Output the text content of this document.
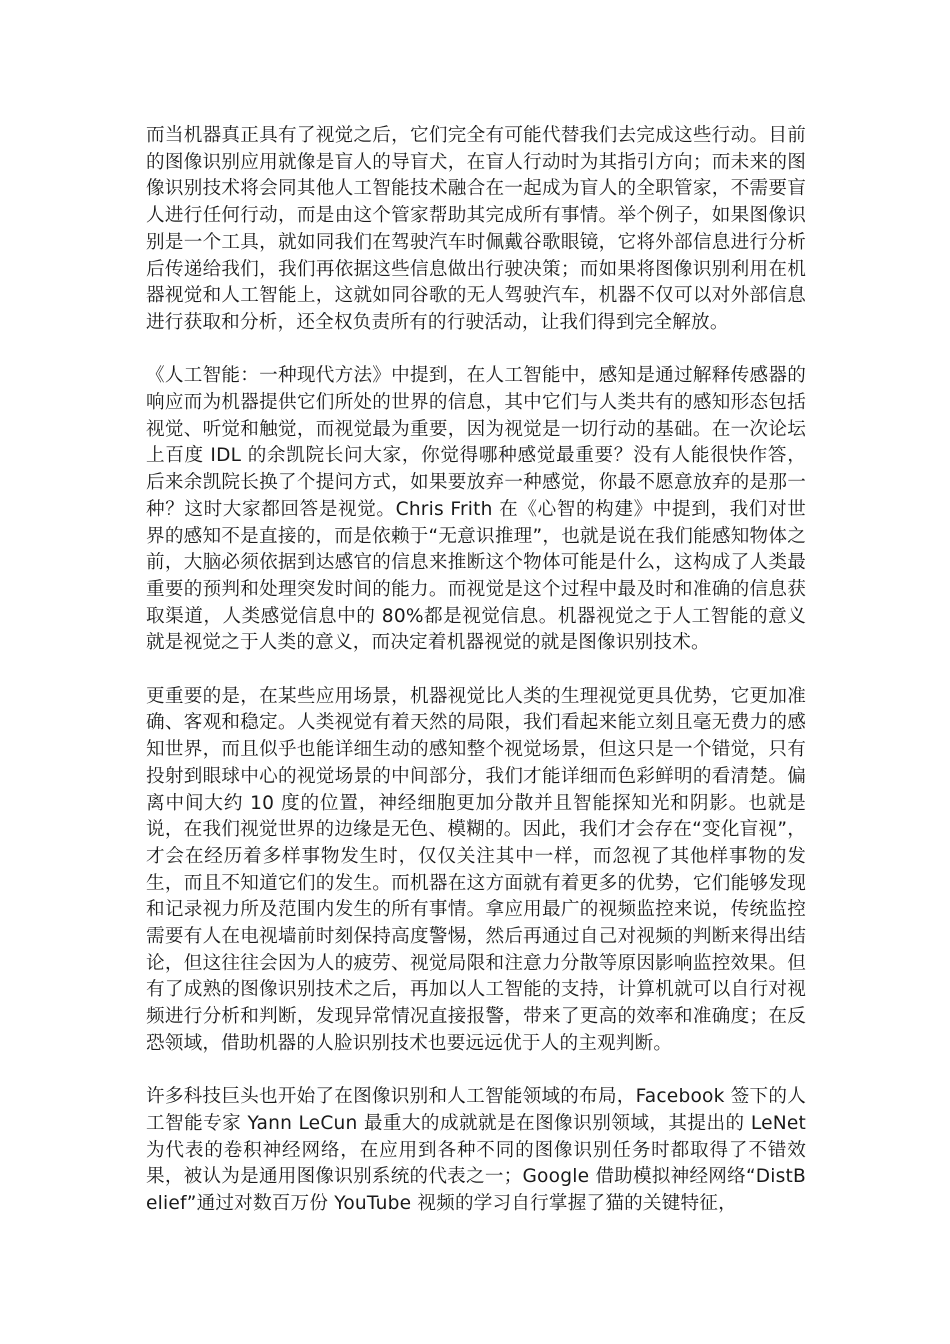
而当机器真正具有了视觉之后，它们完全有可能代替我们去完成这些行动。目前的图像识别应用就像是盲人的导盲犬，在盲人行动时为其指引方向；而未来的图像识别技术将会同其他人工智能技术融合在一起成为盲人的全职管家，不需要盲人进行任何行动，而是由这个管家帮助其完成所有事情。举个例子，如果图像识别是一个工具，就如同我们在驾驶汽车时佩戴谷歌眼镜，它将外部信息进行分析后传递给我们，我们再依据这些信息做出行驶决策；而如果将图像识别利用在机器视觉和人工智能上，这就如同谷歌的无人驾驶汽车，机器不仅可以对外部信息进行获取和分析，还全权负责所有的行驶活动，让我们得到完全解放。

《人工智能：一种现代方法》中提到，在人工智能中，感知是通过解释传感器的响应而为机器提供它们所处的世界的信息，其中它们与人类共有的感知形态包括视觉、听觉和触觉，而视觉最为重要，因为视觉是一切行动的基础。在一次论坛上百度 IDL 的余凯院长问大家，你觉得哪种感觉最重要？没有人能很快作答，后来余凯院长换了个提问方式，如果要放弃一种感觉，你最不愿意放弃的是那一种？这时大家都回答是视觉。Chris Frith 在《心智的构建》中提到，我们对世界的感知不是直接的，而是依赖于“无意识推理”，也就是说在我们能感知物体之前，大脑必须依据到达感官的信息来推断这个物体可能是什么，这构成了人类最重要的预判和处理突发时间的能力。而视觉是这个过程中最及时和准确的信息获取渠道，人类感觉信息中的 80%都是视觉信息。机器视觉之于人工智能的意义就是视觉之于人类的意义，而决定着机器视觉的就是图像识别技术。

更重要的是，在某些应用场景，机器视觉比人类的生理视觉更具优势，它更加准确、客观和稳定。人类视觉有着天然的局限，我们看起来能立刻且毫无费力的感知世界，而且似乎也能详细生动的感知整个视觉场景，但这只是一个错觉，只有投射到眼球中心的视觉场景的中间部分，我们才能详细而色彩鲜明的看清楚。偏离中间大约 10 度的位置，神经细胞更加分散并且智能探知光和阴影。也就是说，在我们视觉世界的边缘是无色、模糊的。因此，我们才会存在“变化盲视”，才会在经历着多样事物发生时，仅仅关注其中一样，而忽视了其他样事物的发生，而且不知道它们的发生。而机器在这方面就有着更多的优势，它们能够发现和记录视力所及范围内发生的所有事情。拿应用最广的视频监控来说，传统监控需要有人在电视墙前时刻保持高度警惕，然后再通过自己对视频的判断来得出结论，但这往往会因为人的疲劳、视觉局限和注意力分散等原因影响监控效果。但有了成熟的图像识别技术之后，再加以人工智能的支持，计算机就可以自行对视频进行分析和判断，发现异常情况直接报警，带来了更高的效率和准确度；在反恐领域，借助机器的人脸识别技术也要远远优于人的主观判断。

许多科技巨头也开始了在图像识别和人工智能领域的布局，Facebook 签下的人工智能专家 Yann LeCun 最重大的成就就是在图像识别领域，其提出的 LeNet为代表的卷积神经网络，在应用到各种不同的图像识别任务时都取得了不错效果，被认为是通用图像识别系统的代表之一；Google 借助模拟神经网络“DistBelief”通过对数百万份 YouTube 视频的学习自行掌握了猫的关键特征，
